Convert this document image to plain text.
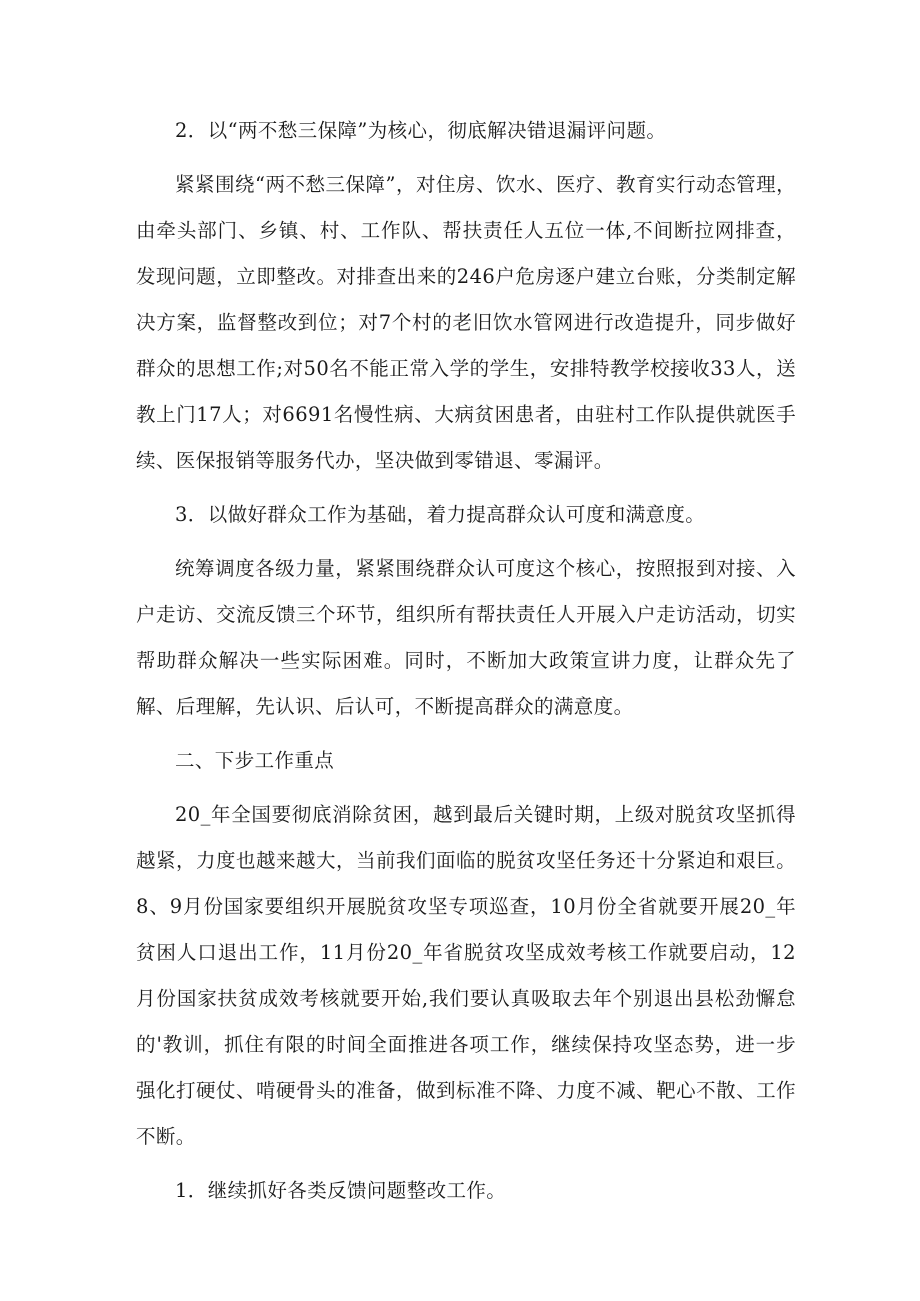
2．以“两不愁三保障”为核心，彻底解决错退漏评问题。

紧紧围绕“两不愁三保障”，对住房、饮水、医疗、教育实行动态管理，由牵头部门、乡镇、村、工作队、帮扶责任人五位一体,不间断拉网排查，发现问题，立即整改。对排查出来的246户危房逐户建立台账，分类制定解决方案，监督整改到位；对7个村的老旧饮水管网进行改造提升，同步做好群众的思想工作;对50名不能正常入学的学生，安排特教学校接收33人，送教上门17人；对6691名慢性病、大病贫困患者，由驻村工作队提供就医手续、医保报销等服务代办，坚决做到零错退、零漏评。

3．以做好群众工作为基础，着力提高群众认可度和满意度。

统筹调度各级力量，紧紧围绕群众认可度这个核心，按照报到对接、入户走访、交流反馈三个环节，组织所有帮扶责任人开展入户走访活动，切实帮助群众解决一些实际困难。同时，不断加大政策宣讲力度，让群众先了解、后理解，先认识、后认可，不断提高群众的满意度。

二、下步工作重点

20_年全国要彻底消除贫困，越到最后关键时期，上级对脱贫攻坚抓得越紧，力度也越来越大，当前我们面临的脱贫攻坚任务还十分紧迫和艰巨。8、9月份国家要组织开展脱贫攻坚专项巡查，10月份全省就要开展20_年贫困人口退出工作，11月份20_年省脱贫攻坚成效考核工作就要启动，12月份国家扶贫成效考核就要开始,我们要认真吸取去年个别退出县松劲懈怠的'教训，抓住有限的时间全面推进各项工作，继续保持攻坚态势，进一步强化打硬仗、啃硬骨头的准备，做到标准不降、力度不减、靶心不散、工作不断。

1．继续抓好各类反馈问题整改工作。
